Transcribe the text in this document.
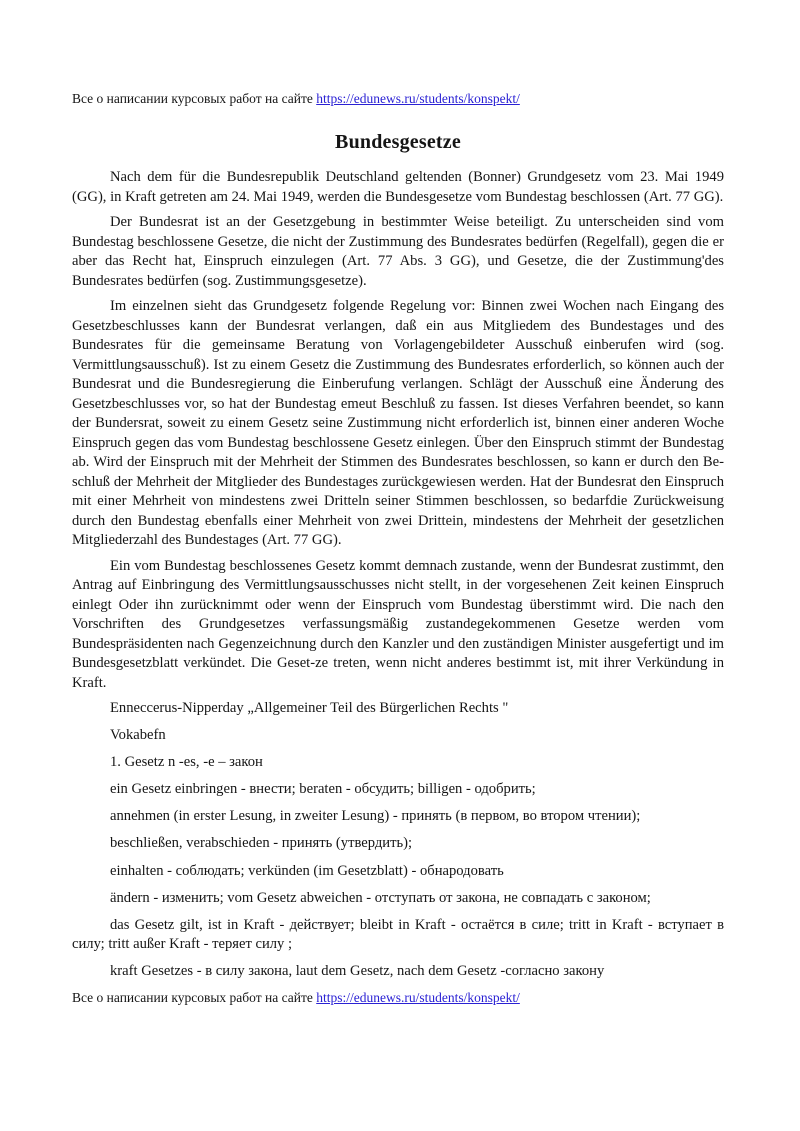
Все о написании курсовых работ на сайте https://edunews.ru/students/konspekt/

Bundesgesetze

Nach dem für die Bundesrepublik Deutschland geltenden (Bonner) Grundgesetz vom 23. Mai 1949 (GG), in Kraft getreten am 24. Mai 1949, werden die Bundesgesetze vom Bundestag beschlossen (Art. 77 GG).

Der Bundesrat ist an der Gesetzgebung in bestimmter Weise beteiligt. Zu unterscheiden sind vom Bundestag beschlossene Gesetze, die nicht der Zustimmung des Bundesrates bedürfen (Regelfall), gegen die er aber das Recht hat, Einspruch einzulegen (Art. 77 Abs. 3 GG), und Gesetze, die der Zustimmung'des Bundesrates bedürfen (sog. Zustimmungsgesetze).

Im einzelnen sieht das Grundgesetz folgende Regelung vor: Binnen zwei Wochen nach Eingang des Gesetzbeschlusses kann der Bundesrat verlangen, daß ein aus Mitgliedem des Bundestages und des Bundesrates für die gemeinsame Beratung von Vorlagengebildeter Ausschuß einberufen wird (sog. Vermittlungsausschuß). Ist zu einem Gesetz die Zustimmung des Bundesrates erforderlich, so können auch der Bundesrat und die Bundesregierung die Einberufung verlangen. Schlägt der Ausschuß eine Änderung des Gesetzbeschlusses vor, so hat der Bundestag emeut Beschluß zu fassen. Ist dieses Verfahren beendet, so kann der Bundersrat, soweit zu einem Gesetz seine Zustimmung nicht erforderlich ist, binnen einer anderen Woche Einspruch gegen das vom Bundestag beschlossene Gesetz einlegen. Über den Einspruch stimmt der Bundestag ab. Wird der Einspruch mit der Mehrheit der Stimmen des Bundesrates beschlossen, so kann er durch den Be-schluß der Mehrheit der Mitglieder des Bundestages zurückgewiesen werden. Hat der Bundesrat den Einspruch mit einer Mehrheit von mindestens zwei Dritteln seiner Stimmen beschlossen, so bedarfdie Zurückweisung durch den Bundestag ebenfalls einer Mehrheit von zwei Drittein, mindestens der Mehrheit der gesetzlichen Mitgliederzahl des Bundestages (Art. 77 GG).

Ein vom Bundestag beschlossenes Gesetz kommt demnach zustande, wenn der Bundesrat zustimmt, den Antrag auf Einbringung des Vermittlungsausschusses nicht stellt, in der vorgesehenen Zeit keinen Einspruch einlegt Oder ihn zurücknimmt oder wenn der Einspruch vom Bundestag überstimmt wird. Die nach den Vorschriften des Grundgesetzes verfassungsmäßig zustandegekommenen Gesetze werden vom Bundespräsidenten nach Gegenzeichnung durch den Kanzler und den zuständigen Minister ausgefertigt und im Bundesgesetzblatt verkündet. Die Geset-ze treten, wenn nicht anderes bestimmt ist, mit ihrer Verkündung in Kraft.

Enneccerus-Nipperday „Allgemeiner Teil des Bürgerlichen Rechts "

Vokabefn

1. Gesetz n -es, -e – закон

ein Gesetz einbringen - внести; beraten - обсудить; billigen - одобрить;

annehmen (in erster Lesung, in zweiter Lesung) - принять (в первом, во втором чтении);

beschließen, verabschieden - принять (утвердить);

einhalten - соблюдать; verkünden (im Gesetzblatt) - обнародовать

ändern - изменить; vom Gesetz abweichen - отступать от закона, не совпадать с законом;

das Gesetz gilt, ist in Kraft - действует; bleibt in Kraft - остаётся в силе; tritt in Kraft - вступает в силу; tritt außer Kraft - теряет силу ;

kraft Gesetzes - в силу закона, laut dem Gesetz, nach dem Gesetz -согласно закону

Все о написании курсовых работ на сайте https://edunews.ru/students/konspekt/
